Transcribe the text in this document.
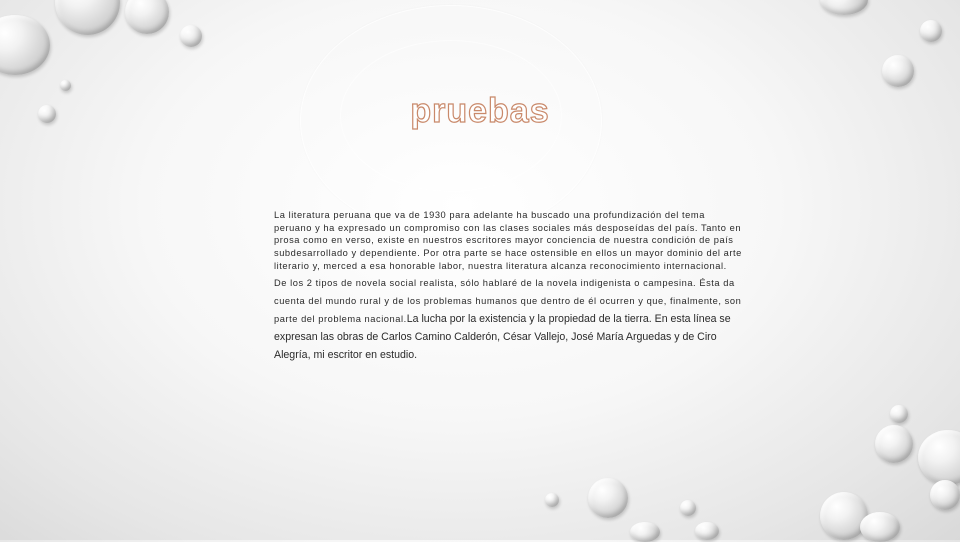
pruebas

La literatura peruana que va de 1930 para adelante ha buscado una profundización del tema peruano y ha expresado un compromiso con las clases sociales más desposeídas del país. Tanto en prosa como en verso, existe en nuestros escritores mayor conciencia de nuestra condición de país subdesarrollado y dependiente. Por otra parte se hace ostensible en ellos un mayor dominio del arte literario y, merced a esa honorable labor, nuestra literatura alcanza reconocimiento internacional.

De los 2 tipos de novela social realista, sólo hablaré de la novela indigenista o campesina. Ésta da cuenta del mundo rural y de los problemas humanos que dentro de él ocurren y que, finalmente, son parte del problema nacional.La lucha por la existencia y la propiedad de la tierra. En esta línea se expresan las obras de Carlos Camino Calderón, César Vallejo, José María Arguedas y de Ciro Alegría, mi escritor en estudio.
